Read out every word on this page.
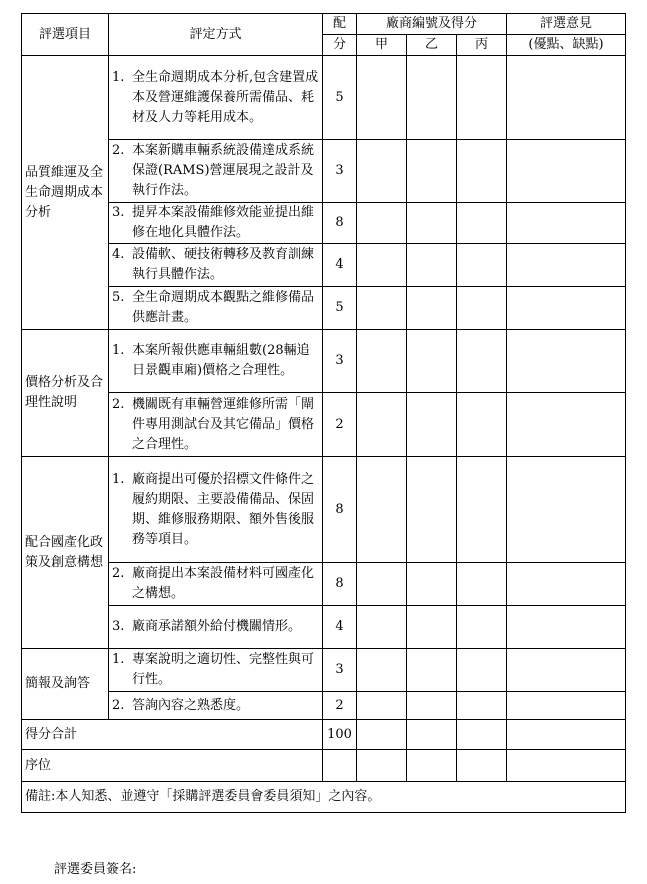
評選項目	評定方式	配	廠商編號及得分			評選意見
		分	甲	乙	丙	(優點、缺點)
品質維運及全生命週期成本分析	1. 全生命週期成本分析,包含建置成本及營運維護保養所需備品、耗材及人力等耗用成本。	5				

	2. 本案新購車輛系統設備達成系統保證(RAMS)營運展現之設計及執行作法。	3				

	3. 提昇本案設備維修效能並提出維修在地化具體作法。	8				

	4. 設備軟、硬技術轉移及教育訓練執行具體作法。	4				

	5. 全生命週期成本觀點之維修備品供應計畫。	5				
價格分析及合理性說明	1. 本案所報供應車輛組數(28輛追日景觀車廂)價格之合理性。	3				

	2. 機關既有車輛營運維修所需「閘件專用測試台及其它備品」價格之合理性。	2				
配合國產化政策及創意構想	1. 廠商提出可優於招標文件條件之履約期限、主要設備備品、保固期、維修服務期限、額外售後服務等項目。	8				

	2. 廠商提出本案設備材料可國產化之構想。	8				

	3. 廠商承諾額外給付機關情形。	4				
簡報及詢答	1. 專案說明之適切性、完整性與可行性。	3				

	2. 答詢內容之熟悉度。	2				
得分合計		100				
序位						
備註:本人知悉、並遵守「採購評選委員會委員須知」之內容。						
評選委員簽名:
